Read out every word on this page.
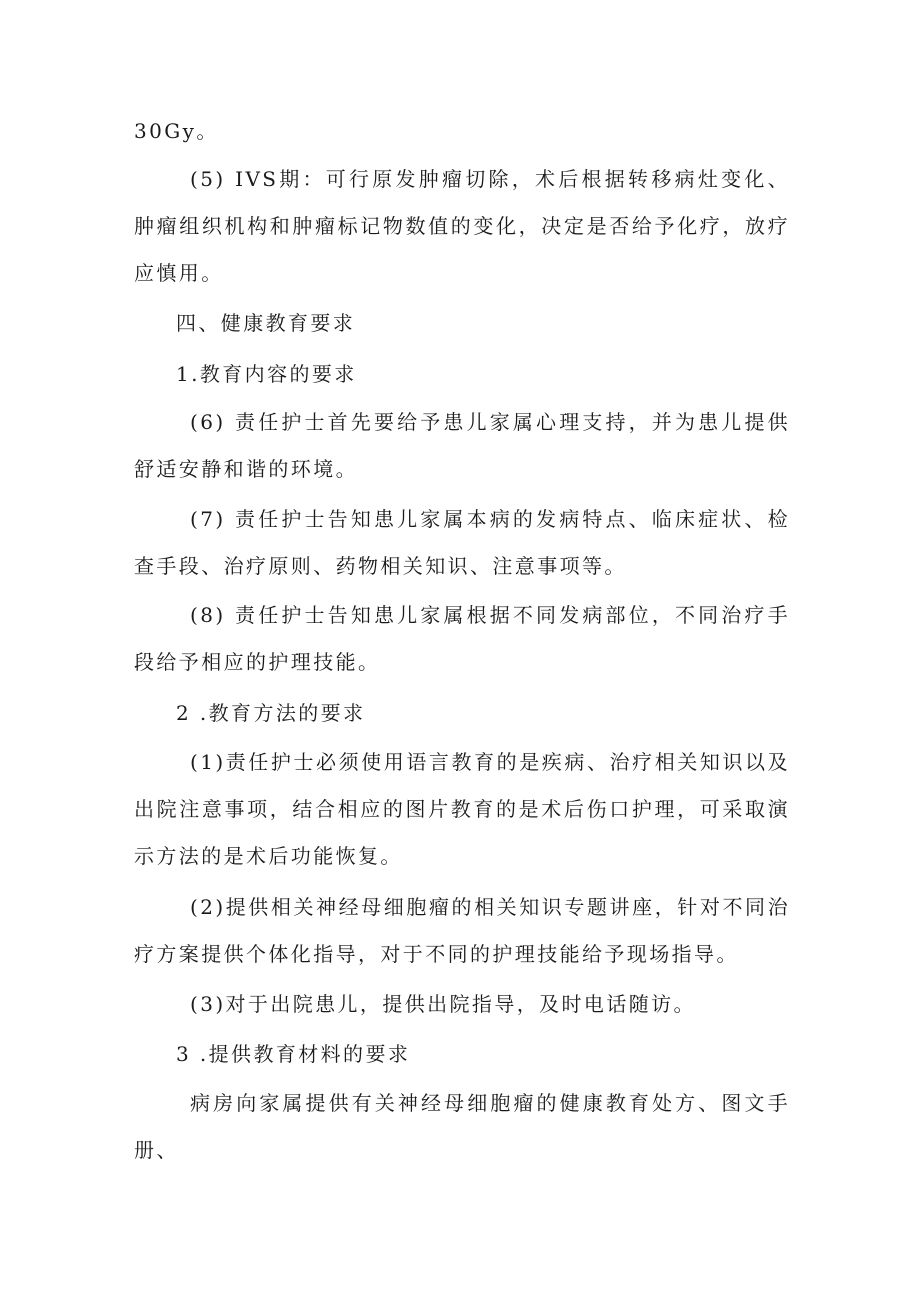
30Gy。

(5) IVS期：可行原发肿瘤切除，术后根据转移病灶变化、肿瘤组织机构和肿瘤标记物数值的变化，决定是否给予化疗，放疗应慎用。

四、健康教育要求

1.教育内容的要求

(6) 责任护士首先要给予患儿家属心理支持，并为患儿提供舒适安静和谐的环境。

(7) 责任护士告知患儿家属本病的发病特点、临床症状、检查手段、治疗原则、药物相关知识、注意事项等。

(8) 责任护士告知患儿家属根据不同发病部位，不同治疗手段给予相应的护理技能。

2 .教育方法的要求

(1)责任护士必须使用语言教育的是疾病、治疗相关知识以及出院注意事项，结合相应的图片教育的是术后伤口护理，可采取演示方法的是术后功能恢复。

(2)提供相关神经母细胞瘤的相关知识专题讲座，针对不同治疗方案提供个体化指导，对于不同的护理技能给予现场指导。

(3)对于出院患儿，提供出院指导，及时电话随访。

3 .提供教育材料的要求

病房向家属提供有关神经母细胞瘤的健康教育处方、图文手册、
